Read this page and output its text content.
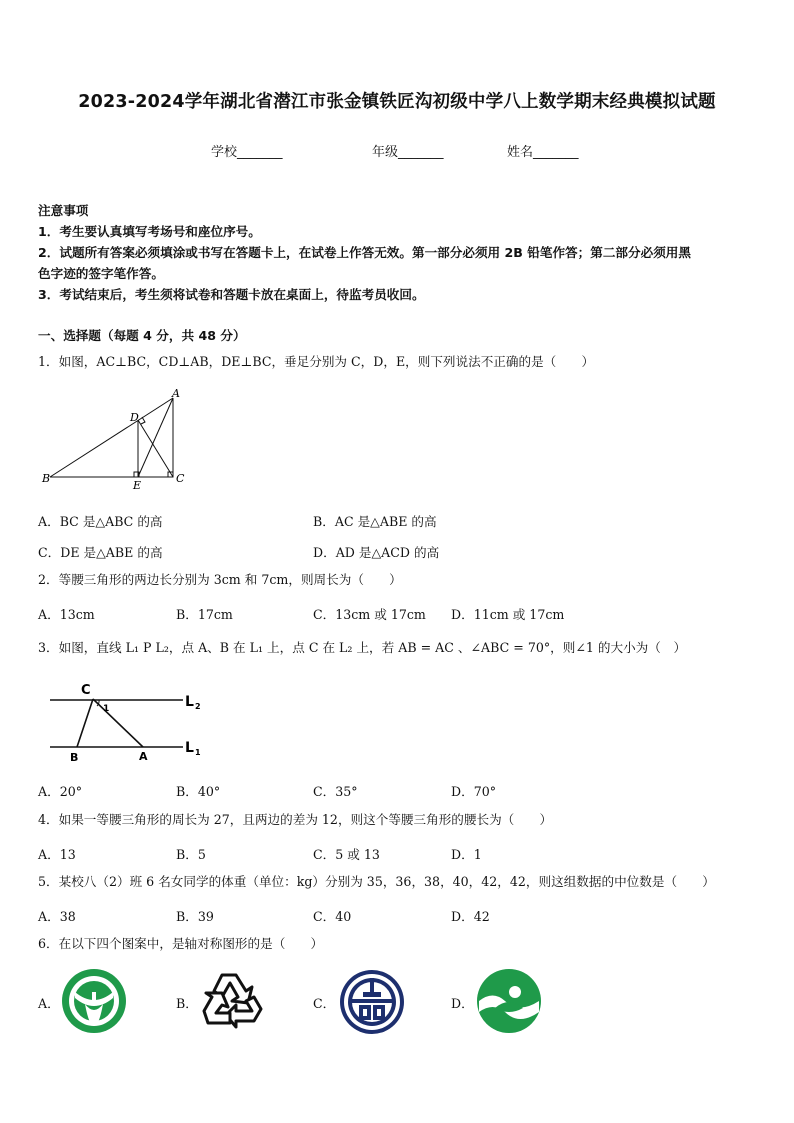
2023-2024学年湖北省潜江市张金镇铁匠沟初级中学八上数学期末经典模拟试题
学校_______	年级_______	姓名_______
注意事项
1．考生要认真填写考场号和座位序号。
2．试题所有答案必须填涂或书写在答题卡上，在试卷上作答无效。第一部分必须用 2B 铅笔作答；第二部分必须用黑
色字迹的签字笔作答。
3．考试结束后，考生须将试卷和答题卡放在桌面上，待监考员收回。
一、选择题（每题 4 分，共 48 分）
1．如图，AC⊥BC，CD⊥AB，DE⊥BC，垂足分别为 C，D，E，则下列说法不正确的是（　　）
A
D
B
E
C
A．BC 是△ABC 的高	B．AC 是△ABE 的高
C．DE 是△ABE 的高	D．AD 是△ACD 的高
2．等腰三角形的两边长分别为 3cm 和 7cm，则周长为（　　）
A．13cm	B．17cm	C．13cm 或 17cm D．11cm 或 17cm
3．如图，直线 L₁ P L₂，点 A、B 在 L₁ 上，点 C 在 L₂ 上，若 AB = AC 、∠ABC = 70°，则∠1 的大小为（　）
C
1	L 2
L 1
B	A
A．20°	B．40°	C．35°	D．70°
4．如果一等腰三角形的周长为 27，且两边的差为 12，则这个等腰三角形的腰长为（　　）
A．13	B．5	C．5 或 13	D．1
5．某校八（2）班 6 名女同学的体重（单位：kg）分别为 35，36，38，40，42，42，则这组数据的中位数是（　　）
A．38	B．39	C．40	D．42
6．在以下四个图案中，是轴对称图形的是（　　）
A．	B．	C．	D．
